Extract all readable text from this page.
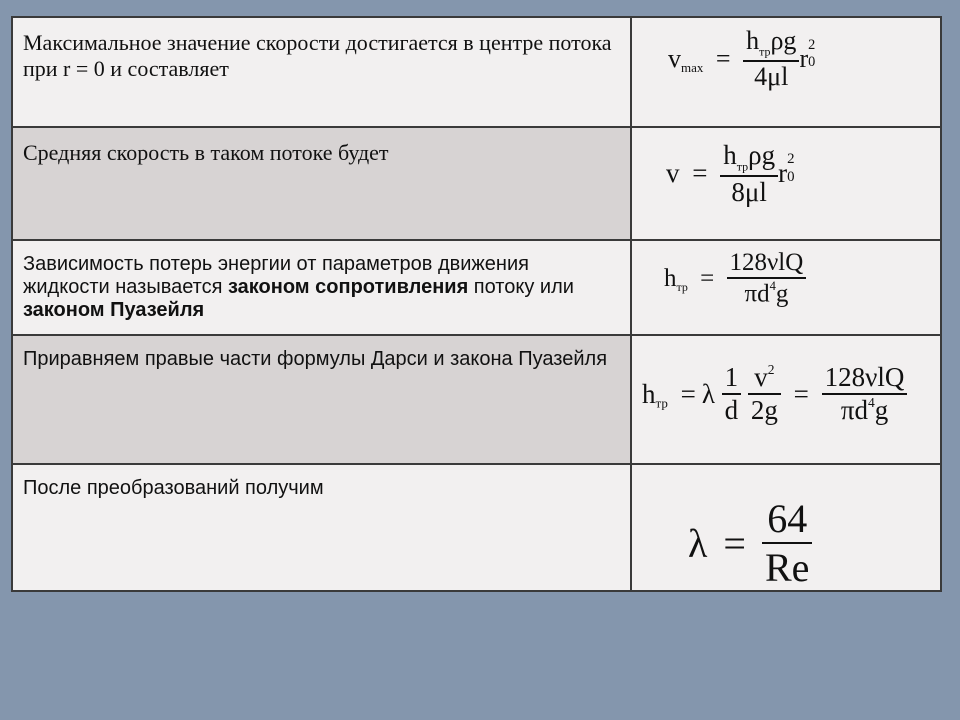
Максимальное значение скорости достигается в центре потока при r = 0 и составляет	$v_{max} = \frac{h_{тр}\rho g}{4\mu l}$ r 2
0
Средняя скорость в таком потоке будет
$v = \frac{h_{тр}\rho g}{8\mu l}$ r 2
0
Зависимость потерь энергии от параметров движения жидкости называется законом сопротивления потоку или законом Пуазейля
$h_{тр} = \frac{\text{128νlQ}}{\pi d^4g}$
Приравняем правые части формулы Дарси и закона Пуазейля
$h_{тр} = \lambda \frac{1}{d}$
$\frac{v^2}{2g} = \frac{\text{128νlQ}}{\pi d^4g}$
После преобразований получим
$\lambda = \frac{64}{Re}$
